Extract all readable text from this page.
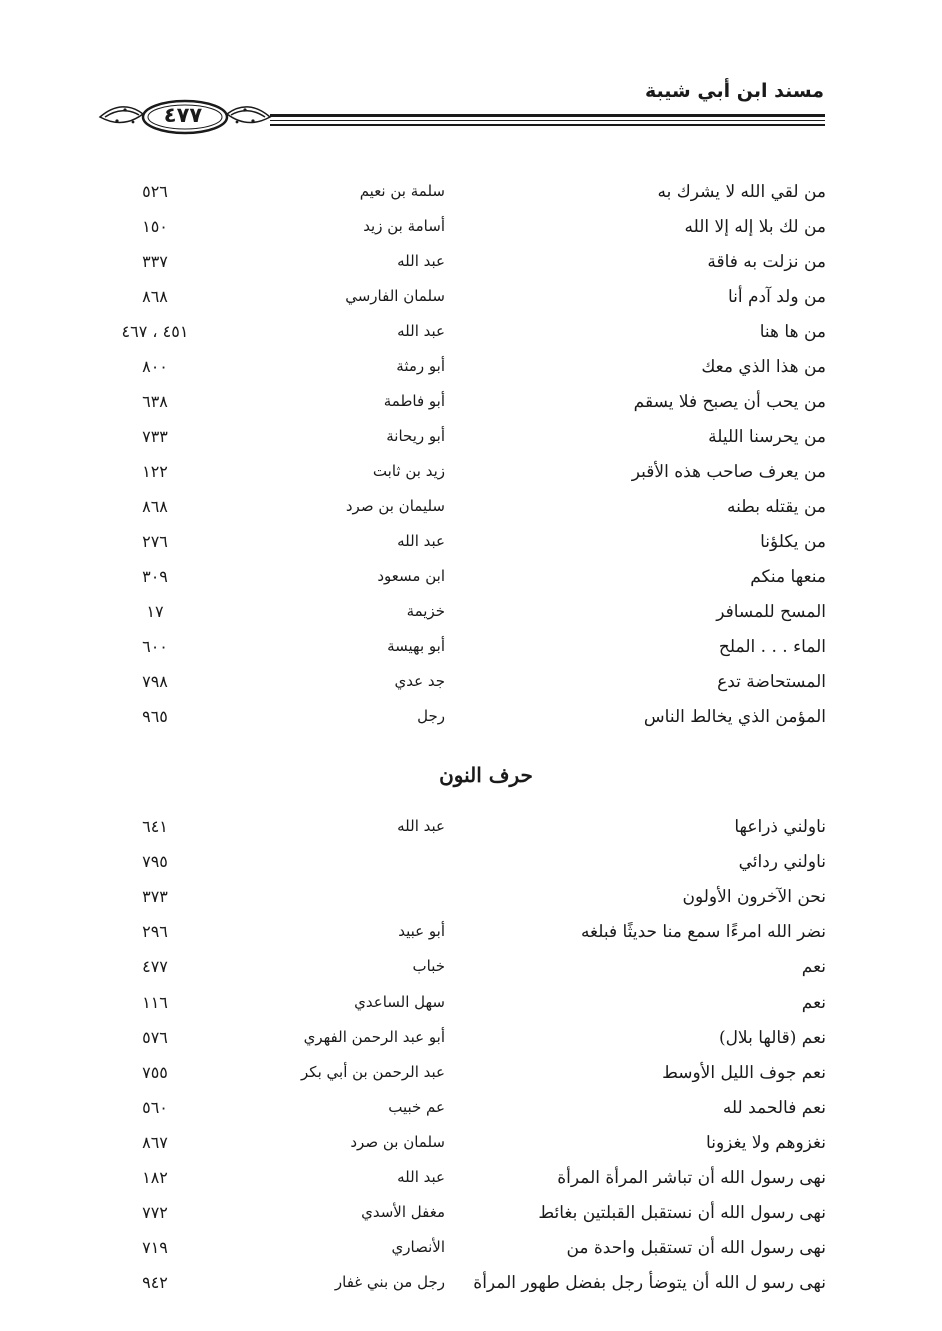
مسند ابن أبي شيبة
٤٧٧
من لقي الله لا يشرك به
سلمة بن نعيم
٥٢٦
من لك بلا إله إلا الله
أسامة بن زيد
١٥٠
من نزلت به فاقة
عبد الله
٣٣٧
من ولد آدم أنا
سلمان الفارسي
٨٦٨
من ها هنا
عبد الله
٤٥١ ، ٤٦٧
من هذا الذي معك
أبو رمثة
٨٠٠
من يحب أن يصبح فلا يسقم
أبو فاطمة
٦٣٨
من يحرسنا الليلة
أبو ريحانة
٧٣٣
من يعرف صاحب هذه الأقبر
زيد بن ثابت
١٢٢
من يقتله بطنه
سليمان بن صرد
٨٦٨
من يكلؤنا
عبد الله
٢٧٦
منعها منكم
ابن مسعود
٣٠٩
المسح للمسافر
خزيمة
١٧
الماء . . . الملح
أبو بهيسة
٦٠٠
المستحاضة تدع
جد عدي
٧٩٨
المؤمن الذي يخالط الناس
رجل
٩٦٥
حرف النون
ناولني ذراعها
عبد الله
٦٤١
ناولني ردائي
٧٩٥
نحن الآخرون الأولون
٣٧٣
نضر الله امرءًا سمع منا حديثًا فبلغه
أبو عبيد
٢٩٦
نعم
خباب
٤٧٧
نعم
سهل الساعدي
١١٦
نعم (قالها بلال)
أبو عبد الرحمن الفهري
٥٧٦
نعم جوف الليل الأوسط
عبد الرحمن بن أبي بكر
٧٥٥
نعم فالحمد لله
عم خبيب
٥٦٠
نغزوهم ولا يغزونا
سلمان بن صرد
٨٦٧
نهى رسول الله أن تباشر المرأة المرأة
عبد الله
١٨٢
نهى رسول الله أن نستقبل القبلتين بغائط
مغفل الأسدي
٧٧٢
نهى رسول الله أن تستقبل واحدة من
الأنصاري
٧١٩
نهى رسو ل الله أن يتوضأ رجل بفضل طهور المرأة
رجل من بني غفار
٩٤٢
